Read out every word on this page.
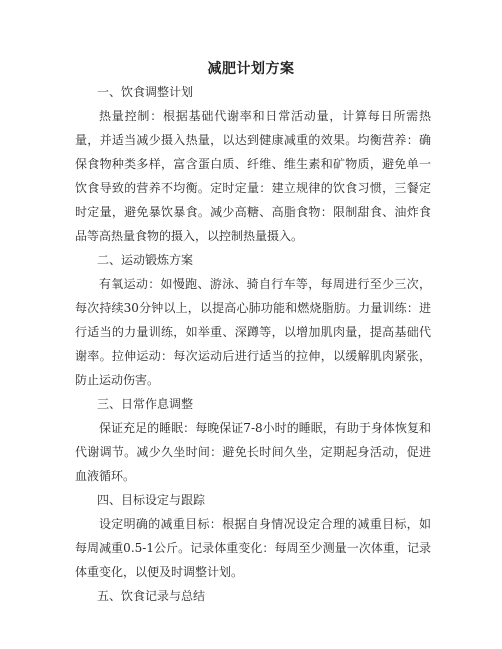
减肥计划方案

一、饮食调整计划

热量控制：根据基础代谢率和日常活动量，计算每日所需热量，并适当减少摄入热量，以达到健康减重的效果。均衡营养：确保食物种类多样，富含蛋白质、纤维、维生素和矿物质，避免单一饮食导致的营养不均衡。定时定量：建立规律的饮食习惯，三餐定时定量，避免暴饮暴食。减少高糖、高脂食物：限制甜食、油炸食品等高热量食物的摄入，以控制热量摄入。

二、运动锻炼方案

有氧运动：如慢跑、游泳、骑自行车等，每周进行至少三次，每次持续30分钟以上，以提高心肺功能和燃烧脂肪。力量训练：进行适当的力量训练，如举重、深蹲等，以增加肌肉量，提高基础代谢率。拉伸运动：每次运动后进行适当的拉伸，以缓解肌肉紧张，防止运动伤害。

三、日常作息调整

保证充足的睡眠：每晚保证7-8小时的睡眠，有助于身体恢复和代谢调节。减少久坐时间：避免长时间久坐，定期起身活动，促进血液循环。

四、目标设定与跟踪

设定明确的减重目标：根据自身情况设定合理的减重目标，如每周减重0.5-1公斤。记录体重变化：每周至少测量一次体重，记录体重变化，以便及时调整计划。

五、饮食记录与总结
